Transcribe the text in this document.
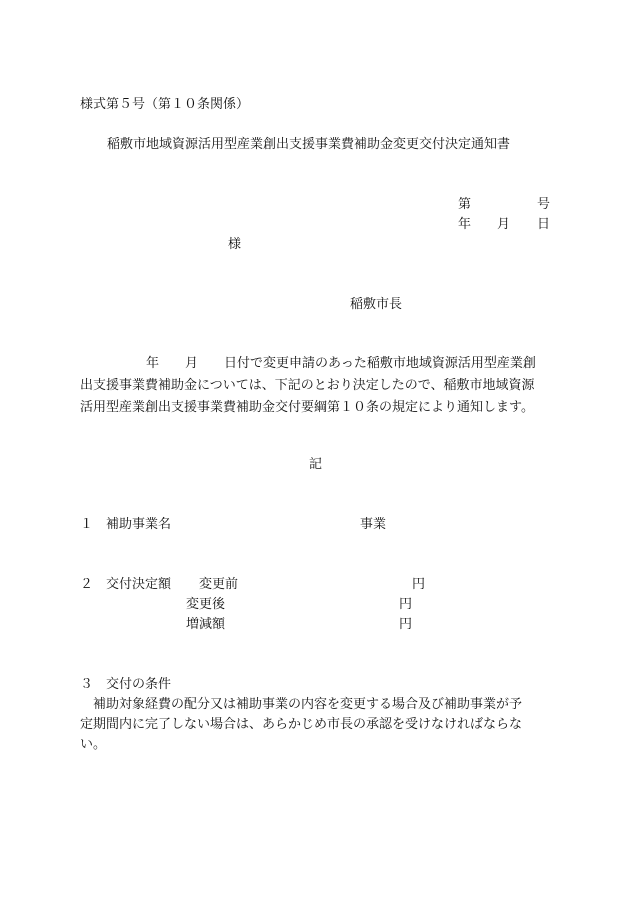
様式第５号（第１０条関係）
稲敷市地域資源活用型産業創出支援事業費補助金変更交付決定通知書
第	号
年 月 日
様
稲敷市長
年 月 日付で変更申請のあった稲敷市地域資源活用型産業創
出支援事業費補助金については、下記のとおり決定したので、稲敷市地域資源
活用型産業創出支援事業費補助金交付要綱第１０条の規定により通知します。
記
１ 補助事業名	事業
２ 交付決定額 変更前	円
変更後	円
増減額	円
３ 交付の条件
補助対象経費の配分又は補助事業の内容を変更する場合及び補助事業が予
定期間内に完了しない場合は、あらかじめ市長の承認を受けなければならな
い。
